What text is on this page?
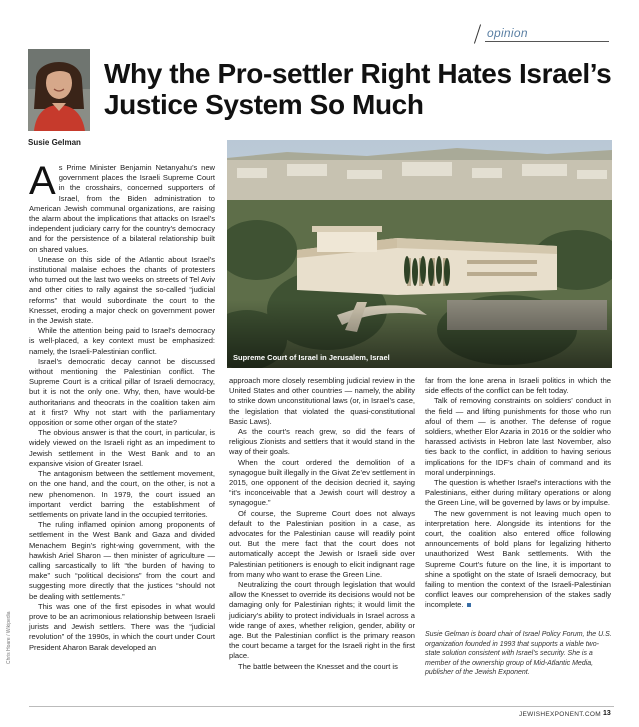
opinion
Susie Gelman
Why the Pro-settler Right Hates Israel’s Justice System So Much

As Prime Minister Benjamin Netanyahu’s new government places the Israeli Supreme Court in the crosshairs, concerned supporters of Israel, from the Biden administration to American Jewish communal organizations, are raising the alarm about the implications that attacks on Israel’s independent judiciary carry for the country’s democracy and for the persistence of a bilateral relationship built on shared values.

Unease on this side of the Atlantic about Israel’s institutional malaise echoes the chants of protesters who turned out the last two weeks on streets of Tel Aviv and other cities to rally against the so-called “judicial reforms” that would subordinate the court to the Knesset, eroding a major check on government power in the Jewish state.

While the attention being paid to Israel’s democracy is well-placed, a key context must be emphasized: namely, the Israeli-Palestinian conflict.

Israel’s democratic decay cannot be discussed without mentioning the Palestinian conflict. The Supreme Court is a critical pillar of Israeli democracy, but it is not the only one. Why, then, have would-be authoritarians and theocrats in the coalition taken aim at it first? Why not start with the parliamentary opposition or some other organ of the state?

The obvious answer is that the court, in particular, is widely viewed on the Israeli right as an impediment to Jewish settlement in the West Bank and to an expansive vision of Greater Israel.

The antagonism between the settlement movement, on the one hand, and the court, on the other, is not a new phenomenon. In 1979, the court issued an important verdict barring the establishment of settlements on private land in the occupied territories.

The ruling inflamed opinion among proponents of settlement in the West Bank and Gaza and divided Menachem Begin’s right-wing government, with the hawkish Ariel Sharon — then minister of agriculture — calling sarcastically to lift “the burden of having to make” such “political decisions” from the court and suggesting more directly that the justices “should not be dealing with settlements.”

This was one of the first episodes in what would prove to be an acrimonious relationship between Israeli jurists and Jewish settlers. There was the “judicial revolution” of the 1990s, in which the court under Court President Aharon Barak developed an

Supreme Court of Israel in Jerusalem, Israel
Chris Hoare / Wikipedia

approach more closely resembling judicial review in the United States and other countries — namely, the ability to strike down unconstitutional laws (or, in Israel’s case, the legislation that violated the quasi-constitutional Basic Laws).

As the court’s reach grew, so did the fears of religious Zionists and settlers that it would stand in the way of their goals.

When the court ordered the demolition of a synagogue built illegally in the Givat Ze’ev settlement in 2015, one opponent of the decision decried it, saying “it’s inconceivable that a Jewish court will destroy a synagogue.”

Of course, the Supreme Court does not always default to the Palestinian position in a case, as advocates for the Palestinian cause will readily point out. But the mere fact that the court does not automatically accept the Jewish or Israeli side over Palestinian petitioners is enough to elicit indignant rage from many who want to erase the Green Line.

Neutralizing the court through legislation that would allow the Knesset to override its decisions would not be damaging only for Palestinian rights; it would limit the judiciary’s ability to protect individuals in Israel across a wide range of axes, whether religion, gender, ability or age. But the Palestinian conflict is the primary reason the court became a target for the Israeli right in the first place.

The battle between the Knesset and the court is

far from the lone arena in Israeli politics in which the side effects of the conflict can be felt today.

Talk of removing constraints on soldiers’ conduct in the field — and lifting punishments for those who run afoul of them — is another. The defense of rogue soldiers, whether Elor Azaria in 2016 or the soldier who harassed activists in Hebron late last November, also ties back to the conflict, in addition to having serious implications for the IDF’s chain of command and its moral underpinnings.

The question is whether Israel’s interactions with the Palestinians, either during military operations or along the Green Line, will be governed by laws or by impulse.

The new government is not leaving much open to interpretation here. Alongside its intentions for the court, the coalition also entered office following announcements of bold plans for legalizing hitherto unauthorized West Bank settlements. With the Supreme Court’s future on the line, it is important to shine a spotlight on the state of Israeli democracy, but failing to mention the context of the Israeli-Palestinian conflict leaves our comprehension of the stakes sadly incomplete.

Susie Gelman is board chair of Israel Policy Forum, the U.S. organization founded in 1993 that supports a viable two-state solution consistent with Israel’s security. She is a member of the ownership group of Mid-Atlantic Media, publisher of the Jewish Exponent.
JEWISHEXPONENT.COM 13
